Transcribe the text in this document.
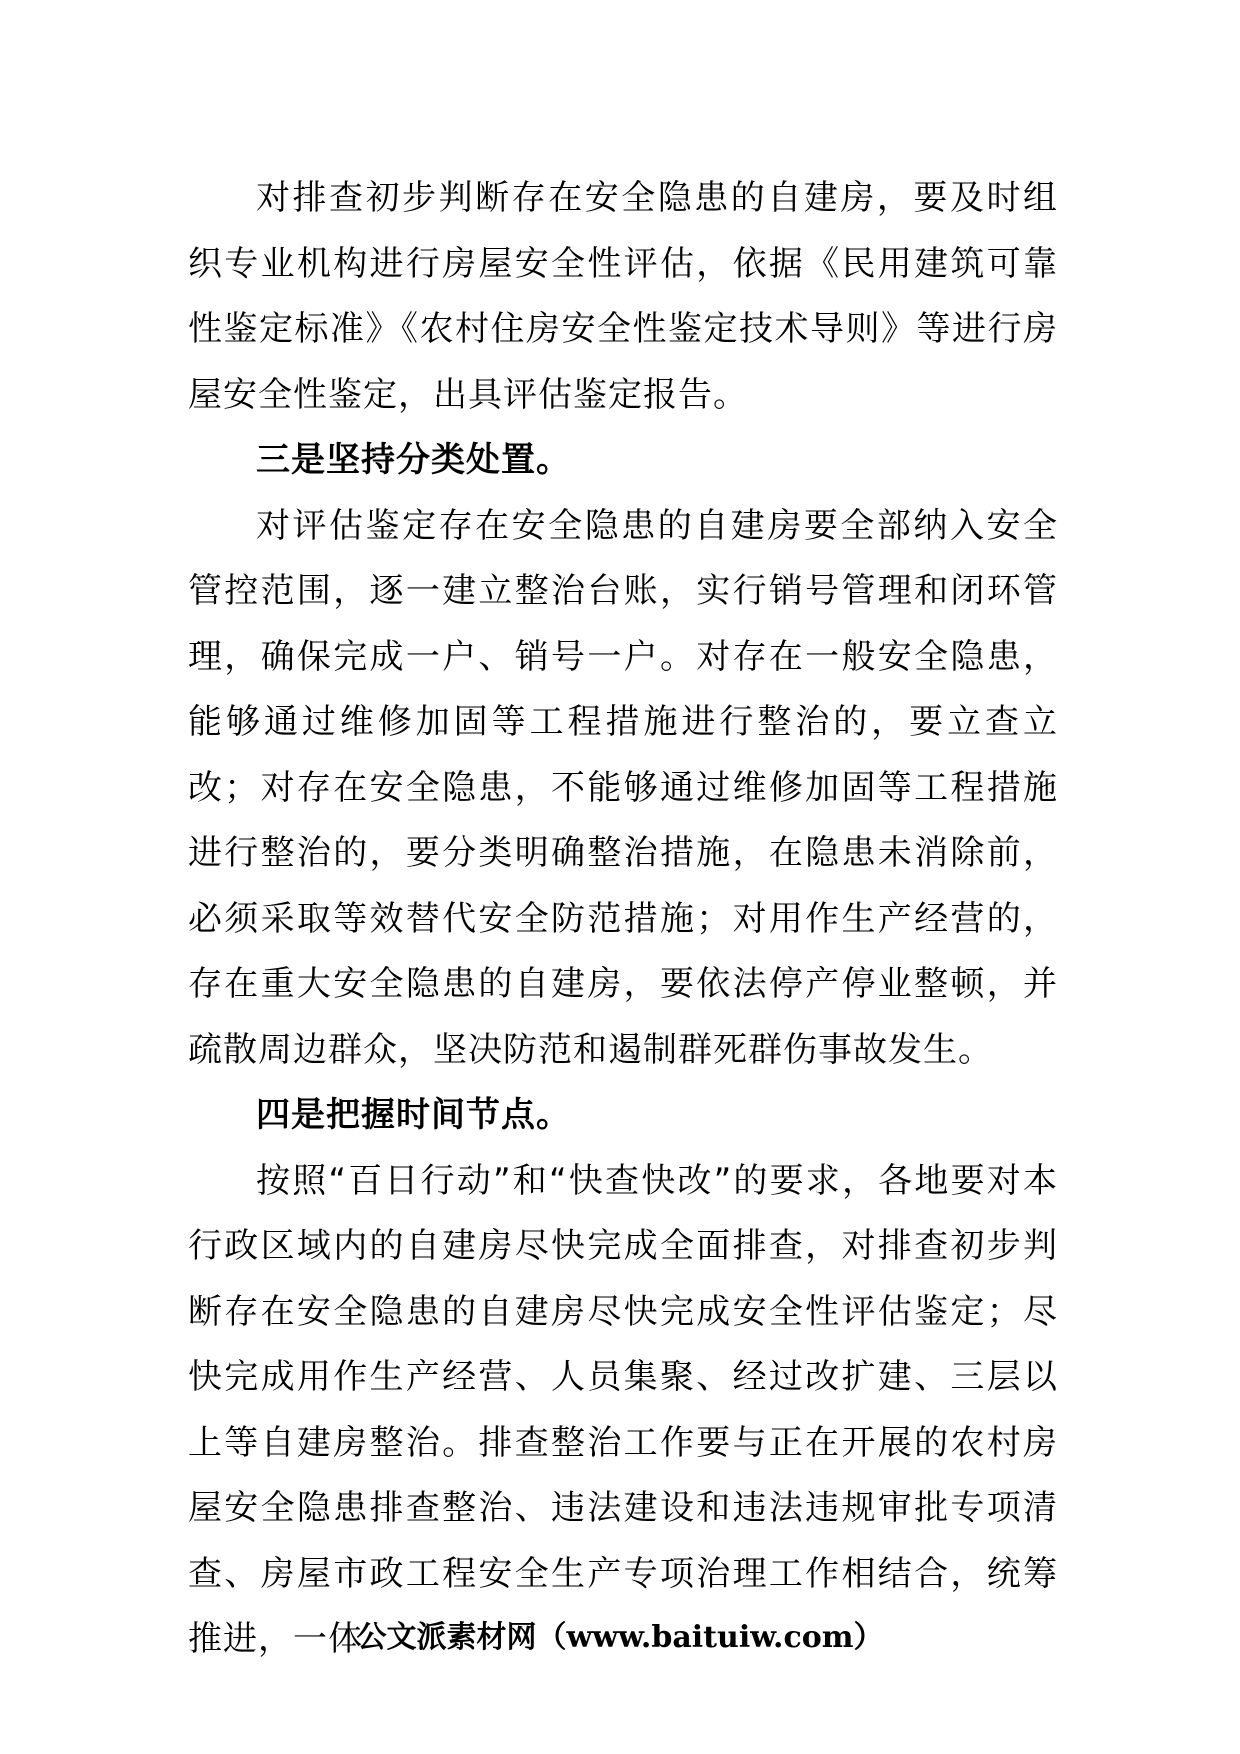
对排查初步判断存在安全隐患的自建房，要及时组织专业机构进行房屋安全性评估，依据《民用建筑可靠性鉴定标准》《农村住房安全性鉴定技术导则》等进行房屋安全性鉴定，出具评估鉴定报告。

三是坚持分类处置。

对评估鉴定存在安全隐患的自建房要全部纳入安全管控范围，逐一建立整治台账，实行销号管理和闭环管理，确保完成一户、销号一户。对存在一般安全隐患，能够通过维修加固等工程措施进行整治的，要立查立改；对存在安全隐患，不能够通过维修加固等工程措施进行整治的，要分类明确整治措施，在隐患未消除前，必须采取等效替代安全防范措施；对用作生产经营的，存在重大安全隐患的自建房，要依法停产停业整顿，并疏散周边群众，坚决防范和遏制群死群伤事故发生。

四是把握时间节点。

按照“百日行动”和“快查快改”的要求，各地要对本行政区域内的自建房尽快完成全面排查，对排查初步判断存在安全隐患的自建房尽快完成安全性评估鉴定；尽快完成用作生产经营、人员集聚、经过改扩建、三层以上等自建房整治。排查整治工作要与正在开展的农村房屋安全隐患排查整治、违法建设和违法违规审批专项清查、房屋市政工程安全生产专项治理工作相结合，统筹推进，一体

公文派素材网（www.baituiw.com）
